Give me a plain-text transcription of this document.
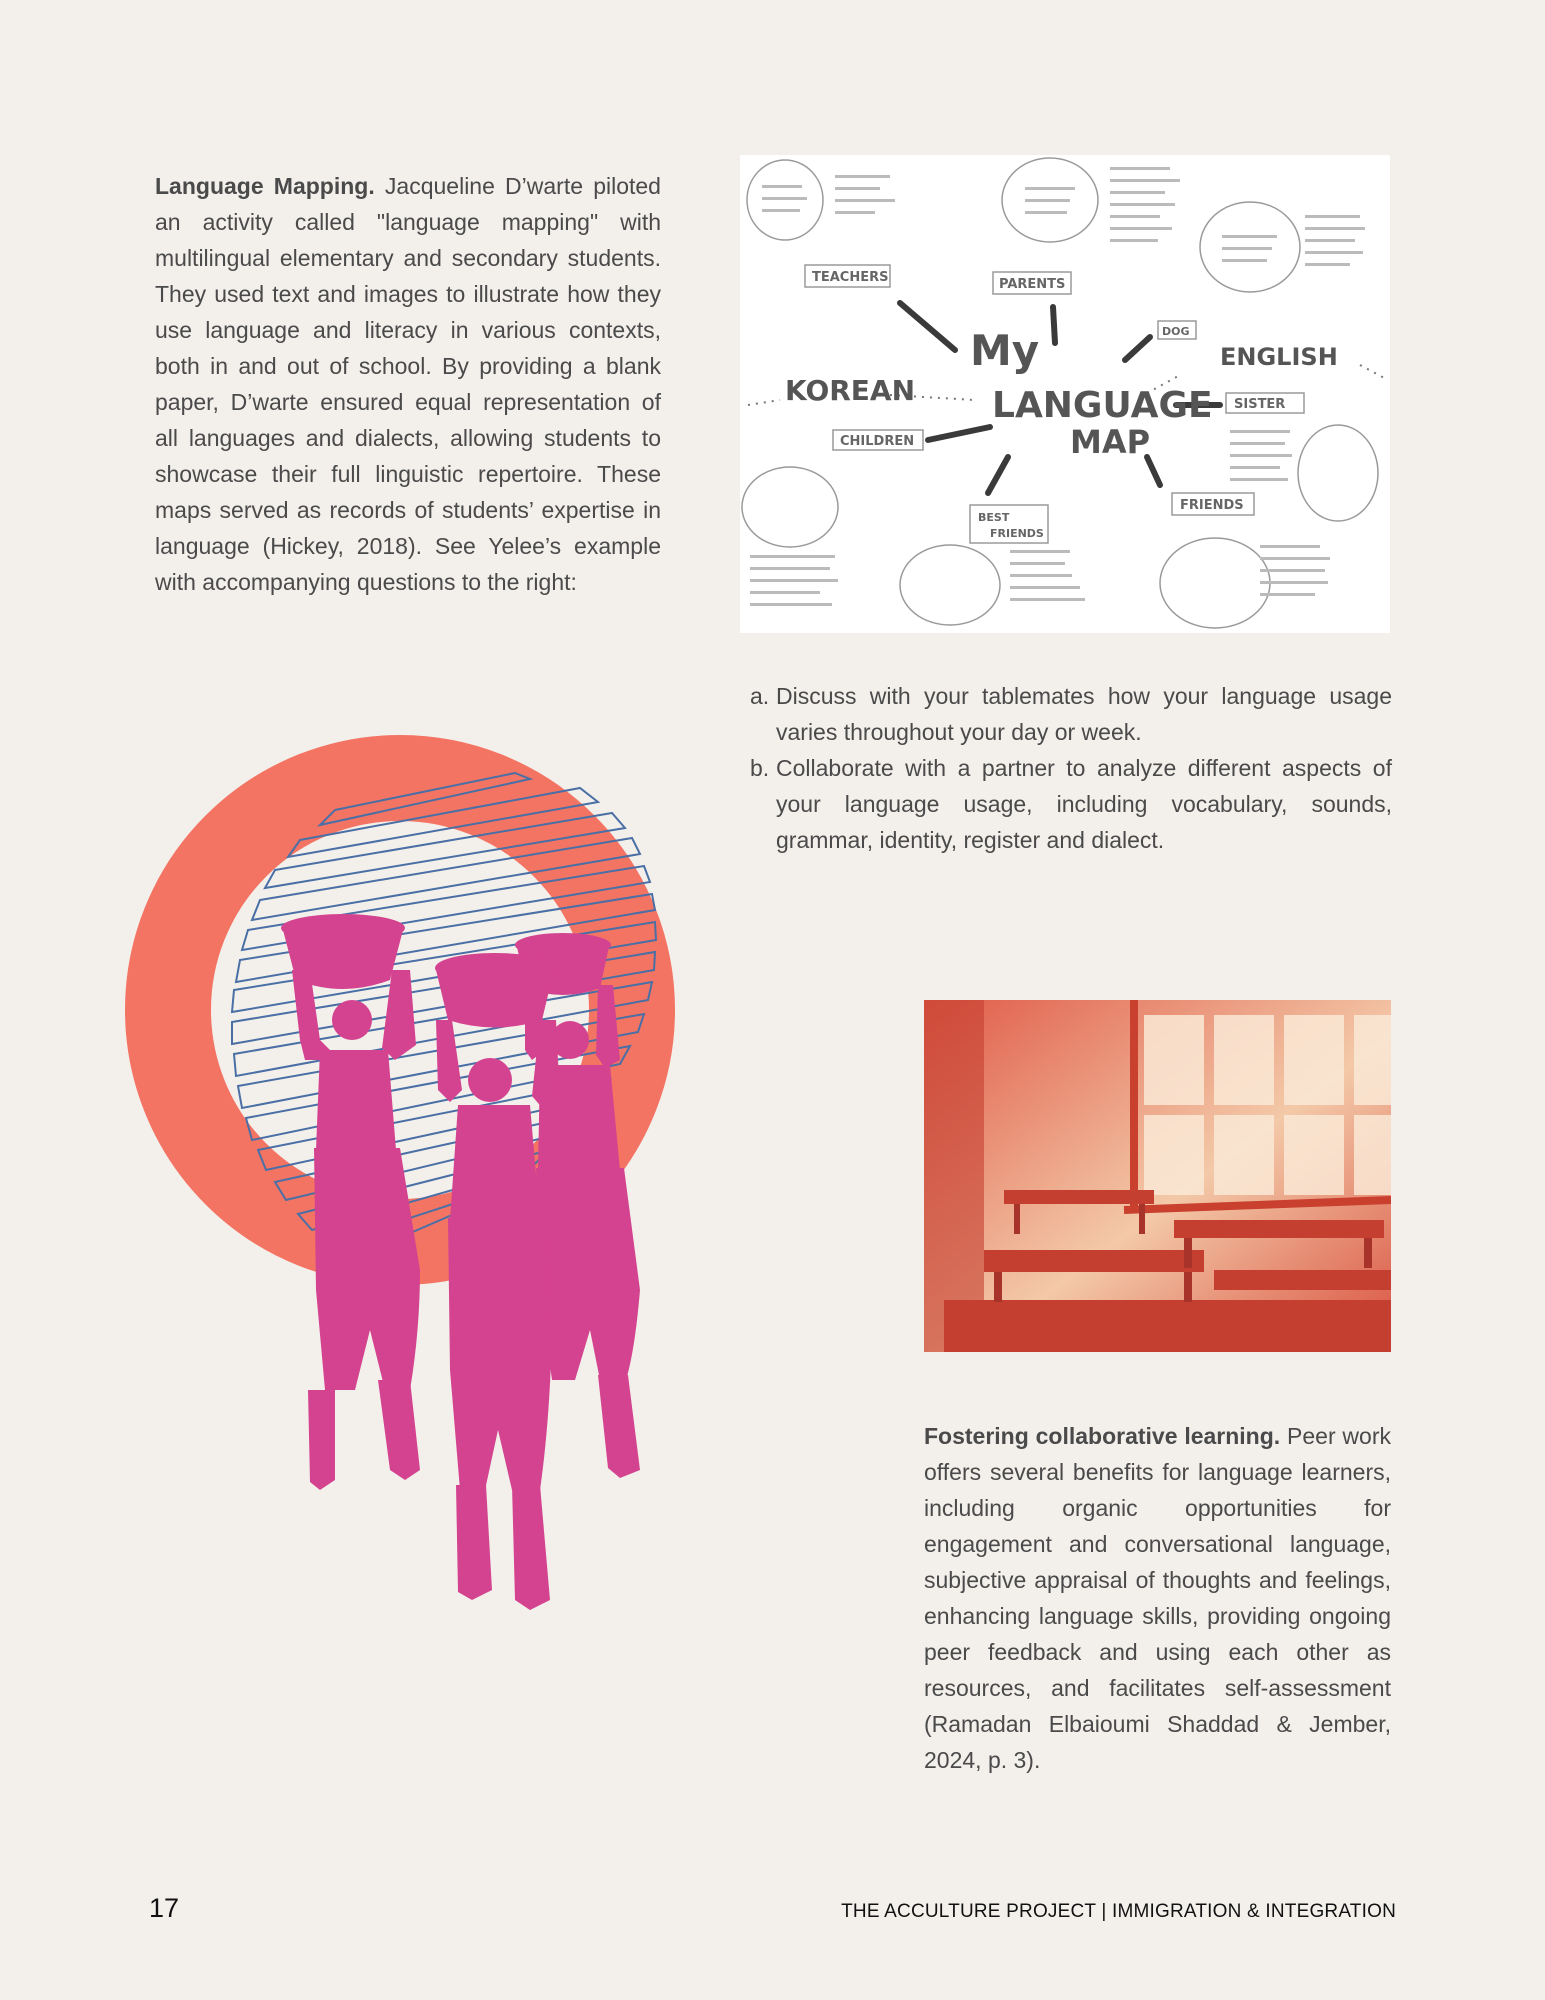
Language Mapping. Jacqueline D’warte piloted an activity called "language mapping" with multilingual elementary and secondary students. They used text and images to illustrate how they use language and literacy in various contexts, both in and out of school. By providing a blank paper, D’warte ensured equal representation of all languages and dialects, allowing students to showcase their full linguistic repertoire. These maps served as records of students’ expertise in language (Hickey, 2018). See Yelee’s example with accompanying questions to the right:

My
LANGUAGE
MAP
KOREAN
ENGLISH
TEACHERS	PARENTS
DOG
SISTER
CHILDREN
BEST
FRIENDS
FRIENDS
a. Discuss with your tablemates how your language usage varies throughout your day or week.
b. Collaborate with a partner to analyze different aspects of your language usage, including vocabulary, sounds, grammar, identity, register and dialect.

Fostering collaborative learning. Peer work offers several benefits for language learners, including organic opportunities for engagement and conversational language, subjective appraisal of thoughts and feelings, enhancing language skills, providing ongoing peer feedback and using each other as resources, and facilitates self-assessment (Ramadan Elbaioumi Shaddad & Jember, 2024, p. 3).

17	THE ACCULTURE PROJECT | IMMIGRATION & INTEGRATION
